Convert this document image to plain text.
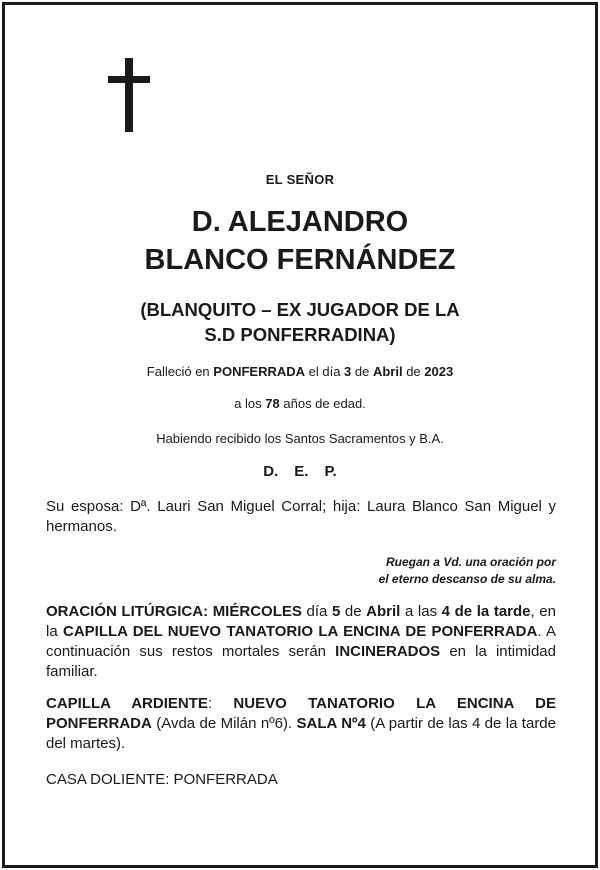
EL SEÑOR
D. ALEJANDRO
BLANCO FERNÁNDEZ
(BLANQUITO – EX JUGADOR DE LA
S.D PONFERRADINA)
Falleció en PONFERRADA el día 3 de Abril de 2023
a los 78 años de edad.
Habiendo recibido los Santos Sacramentos y B.A.
D. E. P.
Su esposa: Dª. Lauri San Miguel Corral; hija: Laura Blanco San Miguel y hermanos.
Ruegan a Vd. una oración por
el eterno descanso de su alma.
ORACIÓN LITÚRGICA: MIÉRCOLES día 5 de Abril a las 4 de la tarde, en la CAPILLA DEL NUEVO TANATORIO LA ENCINA DE PONFERRADA. A continuación sus restos mortales serán INCINERADOS en la intimidad familiar.
CAPILLA ARDIENTE: NUEVO TANATORIO LA ENCINA DE PONFERRADA (Avda de Milán nº6). SALA Nº4 (A partir de las 4 de la tarde del martes).
CASA DOLIENTE: PONFERRADA
